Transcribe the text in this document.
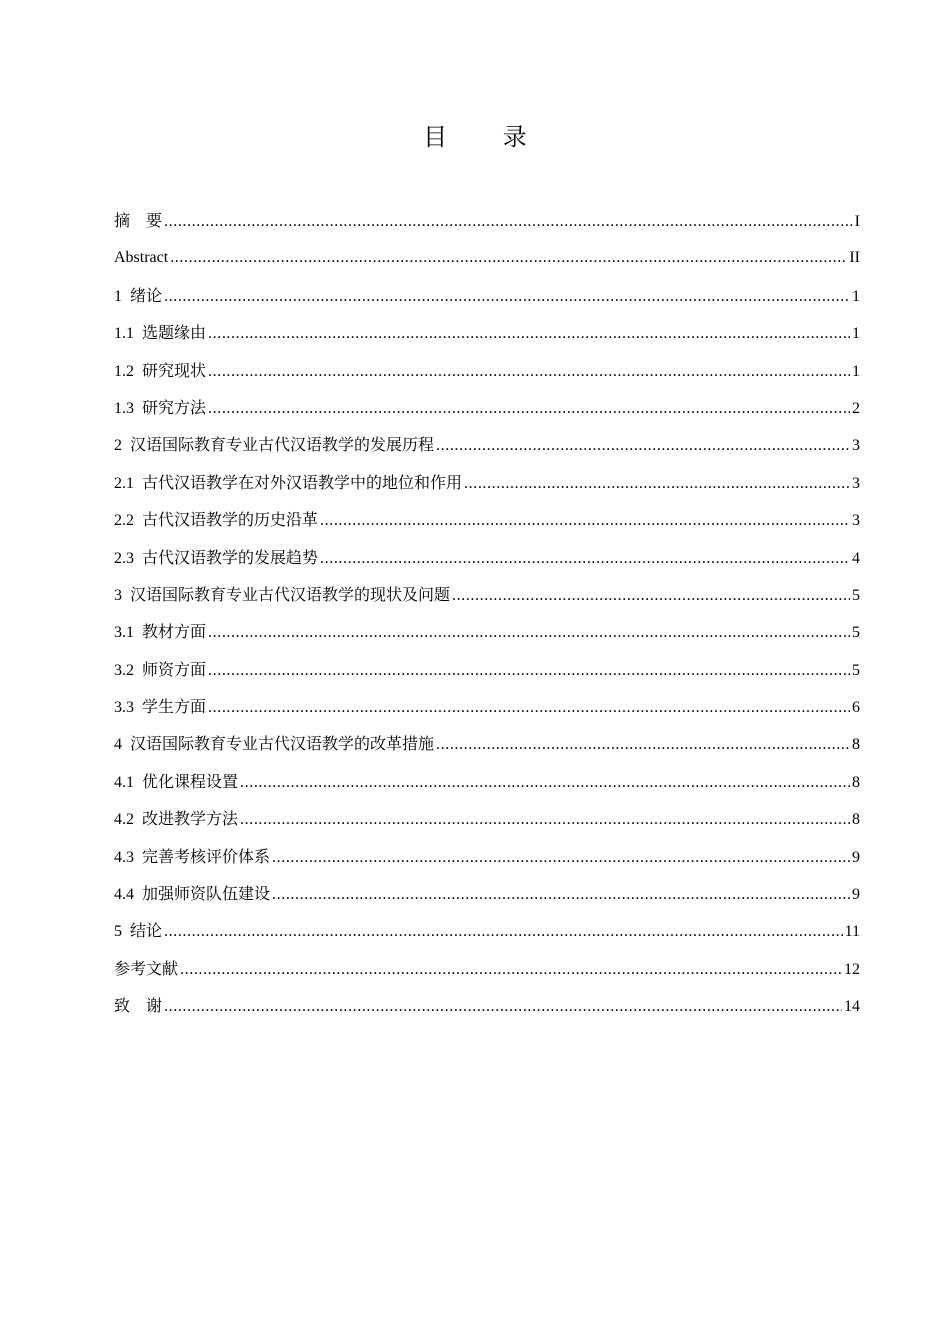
目 录
摘　要 .....	I
Abstract .....	II
1 绪论 .....	1
1.1 选题缘由 .....	1
1.2 研究现状 .....	1
1.3 研究方法 .....	2
2 汉语国际教育专业古代汉语教学的发展历程 .....	3
2.1 古代汉语教学在对外汉语教学中的地位和作用 .....	3
2.2 古代汉语教学的历史沿革 .....	3
2.3 古代汉语教学的发展趋势 .....	4
3 汉语国际教育专业古代汉语教学的现状及问题 .....	5
3.1 教材方面 .....	5
3.2 师资方面 .....	5
3.3 学生方面 .....	6
4 汉语国际教育专业古代汉语教学的改革措施 .....	8
4.1 优化课程设置 .....	8
4.2 改进教学方法 .....	8
4.3 完善考核评价体系 .....	9
4.4 加强师资队伍建设 .....	9
5 结论 .....	11
参考文献 .....	12
致　谢 .....	14
